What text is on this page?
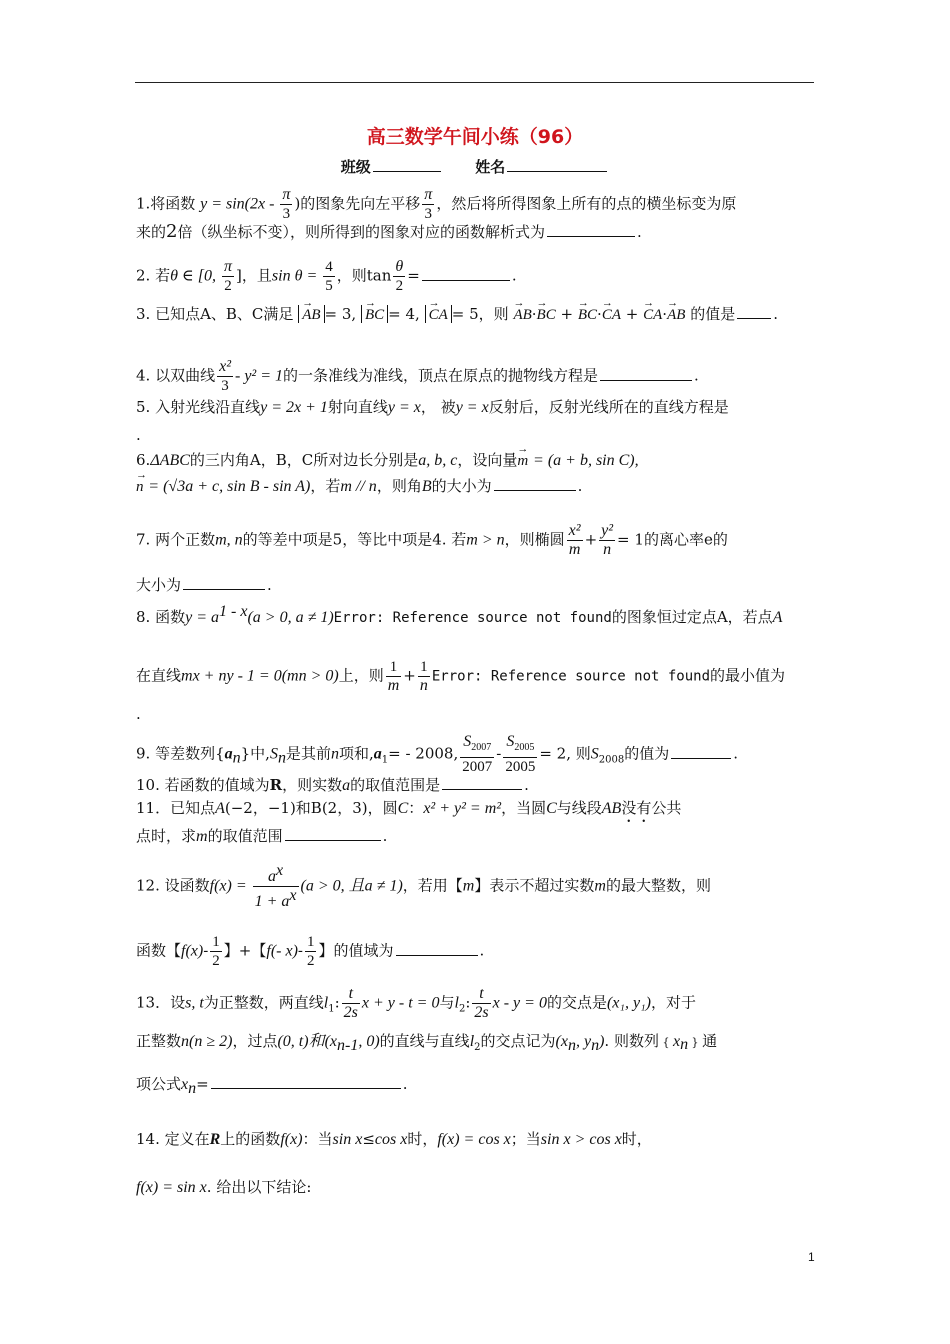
高三数学午间小练（96）
班级	姓名
1.将函数 $y = \sin(2x - \frac{\pi}{3}$ )的图象先向左平移 $\frac{\pi}{3}$ ，然后将所得图象上所有的点的横坐标变为原
来的2倍（纵坐标不变），则所得到的图象对应的函数解析式为	.
2. 若θ ∈ [0, $\frac{\pi}{2}$ ]，且$\sin \theta = \frac{4}{5}$ ，则$\tan \frac{\theta}{2}$ =	.
3. 已知点A、B、C满足 → AB = 3, → BC = 4, → CA = 5，则 → AB·→ BC + → BC·→ CA + → CA·→ AB 的值是	.
4. 以双曲线 $\frac{\text{x²}}{3} - y^2 = 1$的一条准线为准线，顶点在原点的抛物线方程是	.
5. 入射光线沿直线y = 2x + 1射向直线y = x， 被y = x反射后，反射光线所在的直线方程是
.
6.ΔABC的三内角A，B，C所对边长分别是a, b, c，设向量→ m = (a + b, sin C),
→ n = (√3a + c, sin B - sin A)，若m // n，则角B的大小为	.
7. 两个正数m, n的等差中项是5，等比中项是4. 若m > n，则椭圆 $\frac{\text{x²}}{m} + \frac{\text{y²}}{n} = 1$的离心率e的
大小为	.
8. 函数$y = a^{1 - x}(a > 0$, a ≠ 1)Error: Reference source not found的图象恒过定点A，若点A
在直线mx + ny - 1 = 0(mn > 0)上，则 $\frac{1}{m} + \frac{1}{n}$ Error: Reference source not found的最小值为
.
9. 等差数列$\{a_n\}$中$,S_n$是其前n项和$,a_1= - 2008$, $\frac{S_{2007}}{2007} - \frac{S_{2005}}{2005} = 2$, 则$S_{2008}$的值为	.
10. 若函数的值域为R，则实数a的取值范围是	.
11．已知点A(−2，−1)和B(2，3)，圆C：x² + y² = m²，当圆C与线段AB没有公共
点时，求m的取值范围	.
12. 设函数$f(x) = \frac{a^x}{1 + a^x} (a > 0$, 且a ≠ 1)，若用【m】表示不超过实数m的最大整数，则
函数【$f(x)- \frac{1}{2}$ 】+【f(- $x)- \frac{1}{2}$ 】的值域为	.
13．设s, t为正整数，两直线$l_1$: $\frac{t}{2s}$ x + y - t = 0与$l_2$: $\frac{t}{2s}$ x - y = 0的交点是(x₁, y₁)，对于
正整数n(n ≥ 2)，过点(0, t)和($x_{n-1}$, 0)的直线与直线$l_2$的交点记为($x_n$, $y_n$). 则数列 { $x_n$ } 通
项公式$x_n=$	.
14. 定义在R上的函数f(x)：当sin x≤cos x时，f(x) = cos x；当sin x > cos x时，
f(x) = sin x. 给出以下结论:
1
